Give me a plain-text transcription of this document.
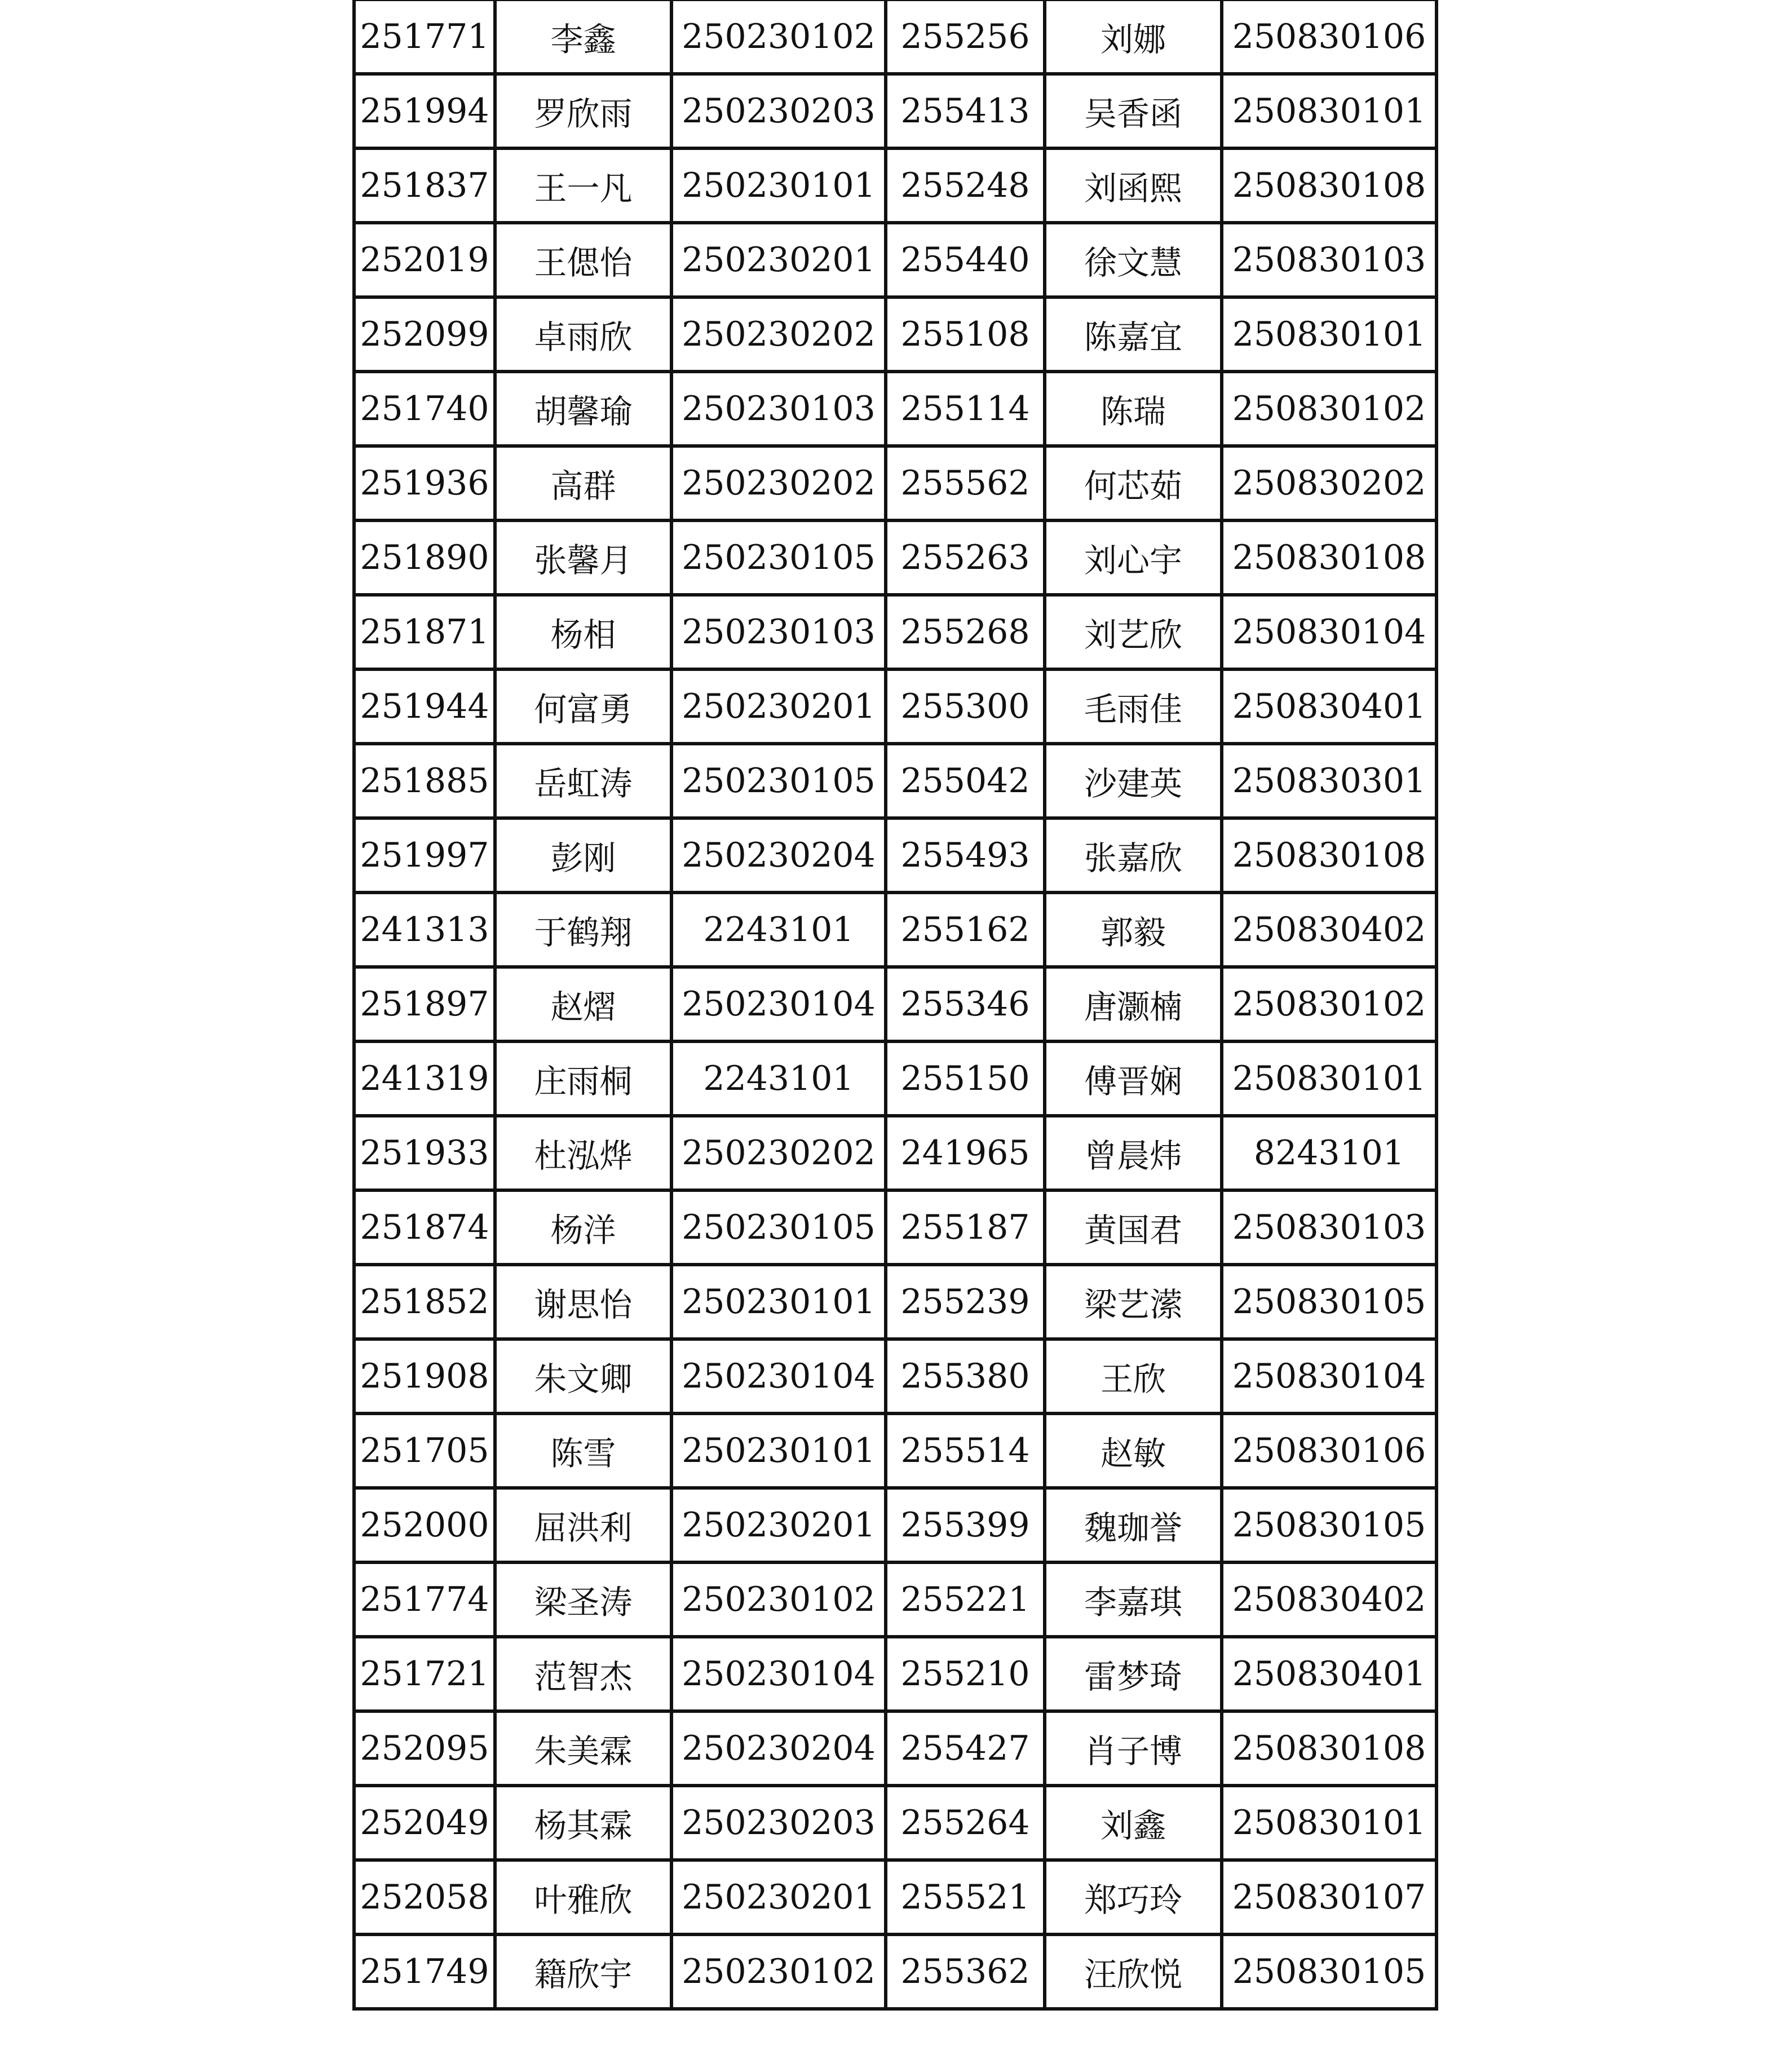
251771	李鑫	250230102	255256	刘娜	250830106
251994	罗欣雨	250230203	255413	吴香函	250830101
251837	王一凡	250230101	255248	刘函熙	250830108
252019	王偲怡	250230201	255440	徐文慧	250830103
252099	卓雨欣	250230202	255108	陈嘉宜	250830101
251740	胡馨瑜	250230103	255114	陈瑞	250830102
251936	高群	250230202	255562	何芯茹	250830202
251890	张馨月	250230105	255263	刘心宇	250830108
251871	杨相	250230103	255268	刘艺欣	250830104
251944	何富勇	250230201	255300	毛雨佳	250830401
251885	岳虹涛	250230105	255042	沙建英	250830301
251997	彭刚	250230204	255493	张嘉欣	250830108
241313	于鹤翔	2243101	255162	郭毅	250830402
251897	赵熠	250230104	255346	唐灏楠	250830102
241319	庄雨桐	2243101	255150	傅晋娴	250830101
251933	杜泓烨	250230202	241965	曾晨炜	8243101
251874	杨洋	250230105	255187	黄国君	250830103
251852	谢思怡	250230101	255239	梁艺潆	250830105
251908	朱文卿	250230104	255380	王欣	250830104
251705	陈雪	250230101	255514	赵敏	250830106
252000	屈洪利	250230201	255399	魏珈誉	250830105
251774	梁圣涛	250230102	255221	李嘉琪	250830402
251721	范智杰	250230104	255210	雷梦琦	250830401
252095	朱美霖	250230204	255427	肖子博	250830108
252049	杨其霖	250230203	255264	刘鑫	250830101
252058	叶雅欣	250230201	255521	郑巧玲	250830107
251749	籍欣宇	250230102	255362	汪欣悦	250830105
